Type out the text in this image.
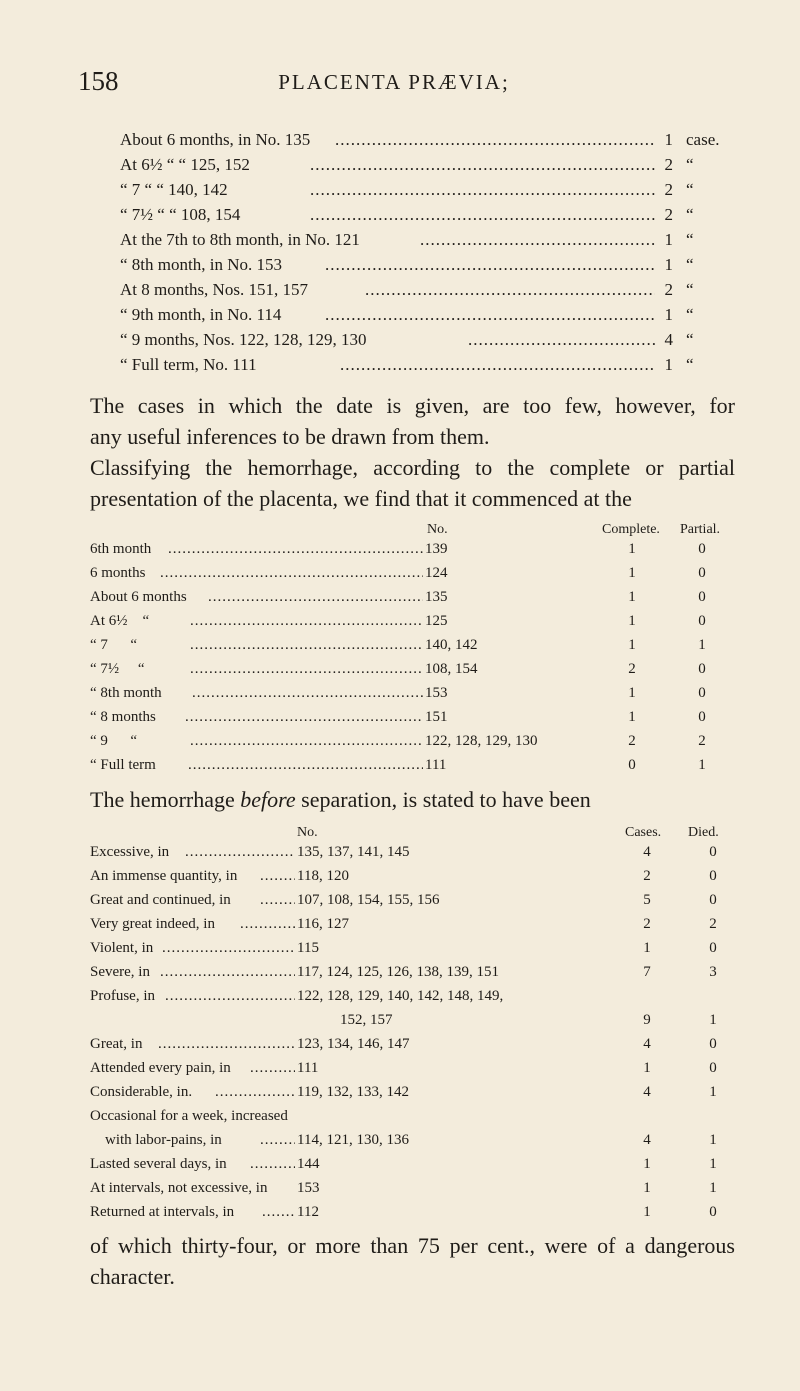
158	PLACENTA PRÆVIA;
About 6 months, in No. 135 .....	1 case.
At 6½ “ “ 125, 152 .....	2 “
“ 7 “ “ 140, 142 .....	2 “
“ 7½ “ “ 108, 154 .....	2 “
At the 7th to 8th month, in No. 121 .....	1 “
“ 8th month, in No. 153 .....	1 “
At 8 months, Nos. 151, 157 .....	2 “
“ 9th month, in No. 114 .....	1 “
“ 9 months, Nos. 122, 128, 129, 130 .....	4 “
“ Full term, No. 111 .....	1 “
The cases in which the date is given, are too few, however, for
any useful inferences to be drawn from them.
Classifying the hemorrhage, according to the complete or partial
presentation of the placenta, we find that it commenced at the
No.	Complete. Partial.
6th month .....	139	1	0
6 months .....	124	1	0
About 6 months .....	135	1	0
At 6½    “ .....	125	1	0
“ 7      “ .....	140, 142	1	1
“ 7½     “ .....	108, 154	2	0
“ 8th month .....	153	1	0
“ 8 months .....	151	1	0
“ 9      “ .....	122, 128, 129, 130	2	2
“ Full term .....	111	0	1
The hemorrhage before separation, is stated to have been
No.	Cases. Died.
Excessive, in .....	135, 137, 141, 145	4	0
An immense quantity, in .....	118, 120	2	0
Great and continued, in .....	107, 108, 154, 155, 156	5	0
Very great indeed, in .....	116, 127	2	2
Violent, in .....	115	1	0
Severe, in .....	117, 124, 125, 126, 138, 139, 151	7	3
Profuse, in .....	122, 128, 129, 140, 142, 148, 149,
152, 157	9	1
Great, in .....	123, 134, 146, 147	4	0
Attended every pain, in .....	111	1	0
Considerable, in. .....	119, 132, 133, 142	4	1
Occasional for a week, increased
with labor-pains, in .....	114, 121, 130, 136	4	1
Lasted several days, in .....	144	1	1
At intervals, not excessive, in 153	1	1
Returned at intervals, in .....	112	1	0
of which thirty-four, or more than 75 per cent., were of a dangerous
character.
